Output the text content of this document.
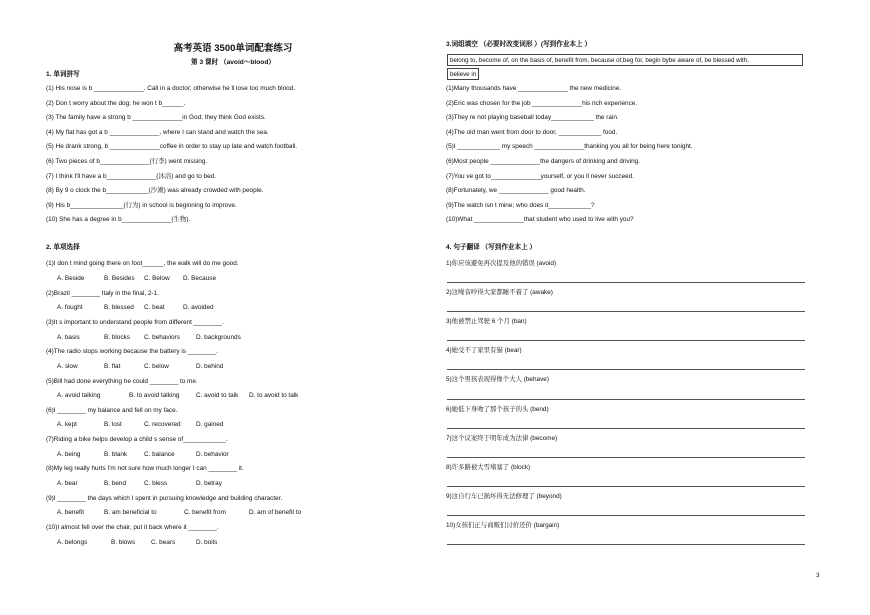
高考英语 3500单词配套练习
第 3 课时 （avoid～blood）
1. 单词拼写
(1) His nose is b ______________. Call in a doctor; otherwise he ll lose too much blood.
(2) Don t worry about the dog; he won t b______.
(3) The family have a strong b ______________in God; they think God exists.
(4) My flat has got a b ______________, where I can stand and watch the sea.
(5) He drank strong, b ______________coffee in order to stay up late and watch football.
(6) Two pieces of b______________(行李) went missing.
(7) I think I'll have a b______________(沐浴) and go to bed.
(8) By 9 o clock the b____________(沙滩) was already crowded with people.
(9) His b_______________(行为) in school is beginning to improve.
(10) She has a degree in b______________(生物).
2. 单项选择
(1)I don t mind going there on foot______, the walk will do me good.
A. Beside	B. Besides C. Below D. Because
(2)Brazil ________ Italy in the final, 2-1.
A. fought	B. blessed C. beat	D. avoided
(3)It s important to understand people from different ________.
A. basis	B. blocks C. behaviors	D. backgrounds
(4)The radio stops working because the battery is ________.
A. slow	B. flat	C. below	D. behind
(5)Bill had done everything he could ________ to me.
A. avoid talking	B. to avoid talking	C. avoid to talk D. to avoid to talk
(6)I ________ my balance and fell on my face.
A. kept	B. lost	C. recovered D. gained
(7)Riding a bike helps develop a child s sense of____________.
A. being	B. blank	C. balance	D. behavior
(8)My leg really hurts I'm not sure how much longer I can ________ it.
A. bear	B. bend	C. bless	D. betray
(9)I ________ the days which I spent in pursuing knowledge and building character.
A. benefit	B. am beneficial to	C. benefit from	D. am of benefit to
(10)I almost fell over the chair, put it back where it ________.
A. belongs	B. blows C. bears	D. boils
3.词组填空 （必要时改变词形 ）(写到作业本上 ）
(1)Many thousands have ______________ the new medicine.
(2)Eric was chosen for the job ______________his rich experience.
(3)They re not playing baseball today____________ the rain.
(4)The old man went from door to door, ____________ food.
(5)I ____________ my speech ______________thanking you all for being here tonight.
(6)Most people ______________the dangers of drinking and driving.
(7)You ve got to______________yourself, or you ll never succeed.
(8)Fortunately, we ______________ good health.
(9)The watch isn t mine; who does it____________?
(10)What ______________that student who used to live with you?
4. 句子翻译 （写到作业本上 ）
1)你应该避免再次提及他的错误 (avoid)
2)这噪音吵得大家都睡不着了 (awake)
3)他被禁止驾驶 6 个月 (ban)
4)她受不了家里有猫 (bear)
5)这个男孩表现得像个大人 (behave)
6)她低下身吻了那个孩子的头 (bend)
7)这个议案终于明年成为法律 (become)
8)许多路被大雪堵塞了 (block)
9)这自行车已损坏得无法修理了 (beyond)
10)女孩们正与商贩们讨价还价 (bargain)
belong to, become of, on the basis of, benefit from, because of,beg for, begin bybe aware of, be blessed with,
believe in
3
